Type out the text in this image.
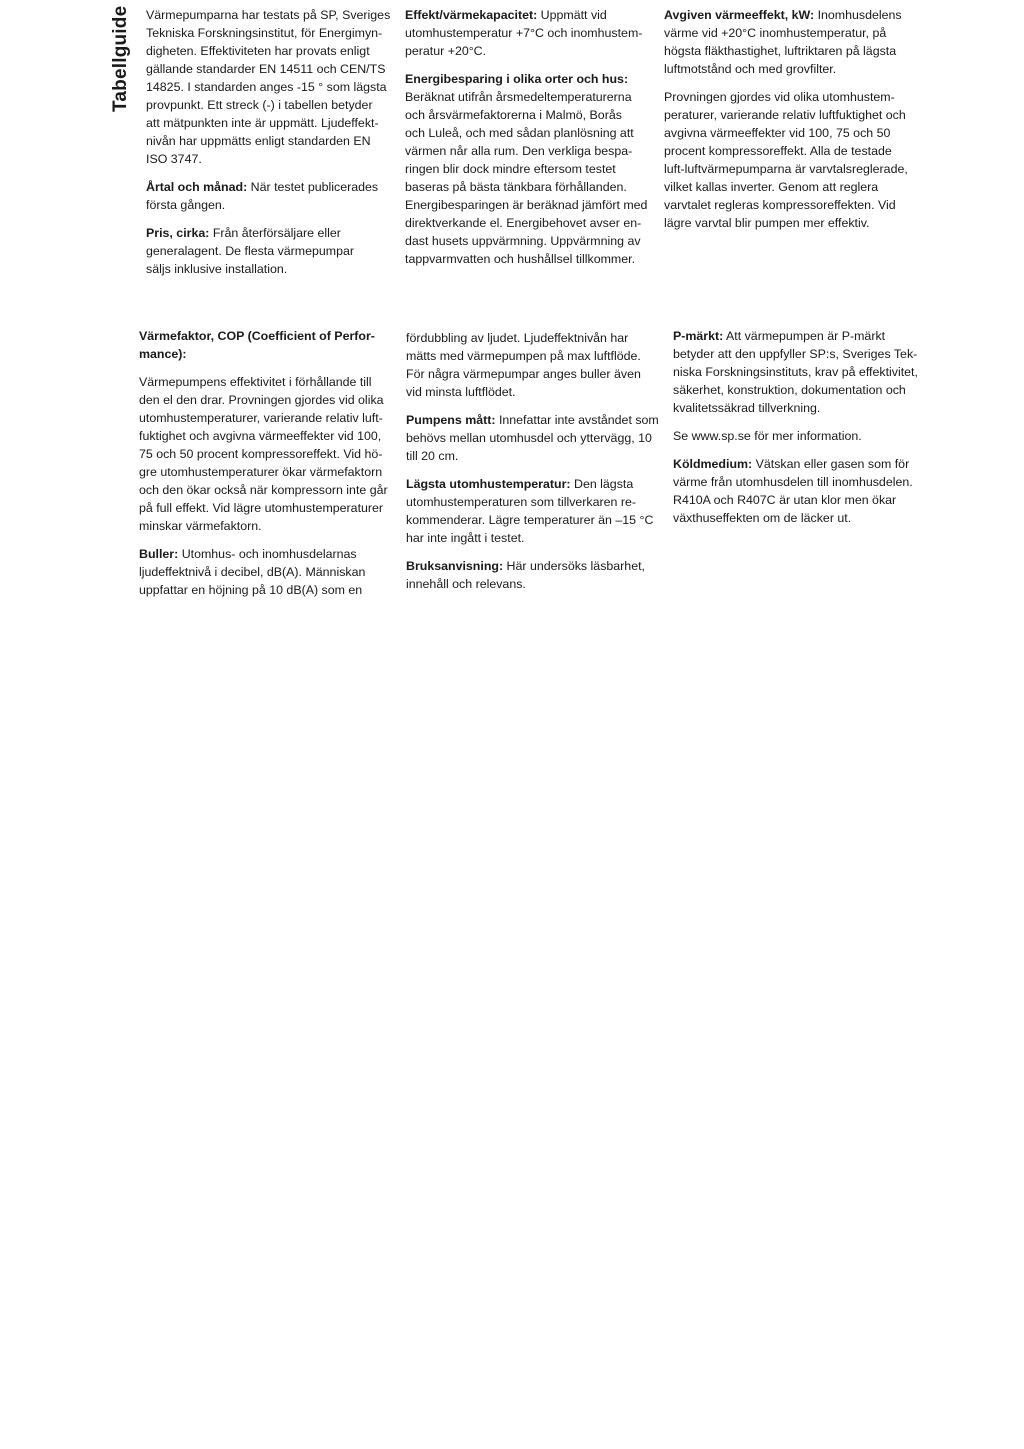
Tabellguide Värmepumparna har testats på SP, Sveriges
Tekniska Forskningsinstitut, för Energimyn-
digheten. Effektiviteten har provats enligt
gällande standarder EN 14511 och CEN/TS
14825. I standarden anges -15 ° som lägsta
provpunkt. Ett streck (-) i tabellen betyder
att mätpunkten inte är uppmätt. Ljudeffekt-
nivån har uppmätts enligt standarden EN
ISO 3747.

Årtal och månad: När testet publicerades
första gången.

Pris, cirka: Från återförsäljare eller
generalagent. De flesta värmepumpar
säljs inklusive installation.

Effekt/värmekapacitet: Uppmätt vid
utomhustemperatur +7°C och inomhustem-
peratur +20°C.

Energibesparing i olika orter och hus:
Beräknat utifrån årsmedeltemperaturerna
och årsvärmefaktorerna i Malmö, Borås
och Luleå, och med sådan planlösning att
värmen når alla rum. Den verkliga bespa-
ringen blir dock mindre eftersom testet
baseras på bästa tänkbara förhållanden.
Energibesparingen är beräknad jämfört med
direktverkande el. Energibehovet avser en-
dast husets uppvärmning. Uppvärmning av
tappvarmvatten och hushållsel tillkommer.

Avgiven värmeeffekt, kW: Inomhusdelens
värme vid +20°C inomhustemperatur, på
högsta fläkthastighet, luftriktaren på lägsta
luftmotstånd och med grovfilter.

Provningen gjordes vid olika utomhustem-
peraturer, varierande relativ luftfuktighet och
avgivna värmeeffekter vid 100, 75 och 50
procent kompressoreffekt. Alla de testade
luft-luftvärmepumparna är varvtalsreglerade,
vilket kallas inverter. Genom att reglera
varvtalet regleras kompressoreffekten. Vid
lägre varvtal blir pumpen mer effektiv.

Värmefaktor, COP (Coefficient of Perfor-
mance):

Värmepumpens effektivitet i förhållande till
den el den drar. Provningen gjordes vid olika
utomhustemperaturer, varierande relativ luft-
fuktighet och avgivna värmeeffekter vid 100,
75 och 50 procent kompressoreffekt. Vid hö-
gre utomhustemperaturer ökar värmefaktorn
och den ökar också när kompressorn inte går
på full effekt. Vid lägre utomhustemperaturer
minskar värmefaktorn.

Buller: Utomhus- och inomhusdelarnas
ljudeffektnivå i decibel, dB(A). Människan
uppfattar en höjning på 10 dB(A) som en

fördubbling av ljudet. Ljudeffektnivån har
mätts med värmepumpen på max luftflöde.
För några värmepumpar anges buller även
vid minsta luftflödet.

Pumpens mått: Innefattar inte avståndet som
behövs mellan utomhusdel och yttervägg, 10
till 20 cm.

Lägsta utomhustemperatur: Den lägsta
utomhustemperaturen som tillverkaren re-
kommenderar. Lägre temperaturer än –15 °C
har inte ingått i testet.

Bruksanvisning: Här undersöks läsbarhet,
innehåll och relevans.

P-märkt: Att värmepumpen är P-märkt
betyder att den uppfyller SP:s, Sveriges Tek-
niska Forskningsinstituts, krav på effektivitet,
säkerhet, konstruktion, dokumentation och
kvalitetssäkrad tillverkning.

Se www.sp.se för mer information.

Köldmedium: Vätskan eller gasen som för
värme från utomhusdelen till inomhusdelen.
R410A och R407C är utan klor men ökar
växthuseffekten om de läcker ut.
